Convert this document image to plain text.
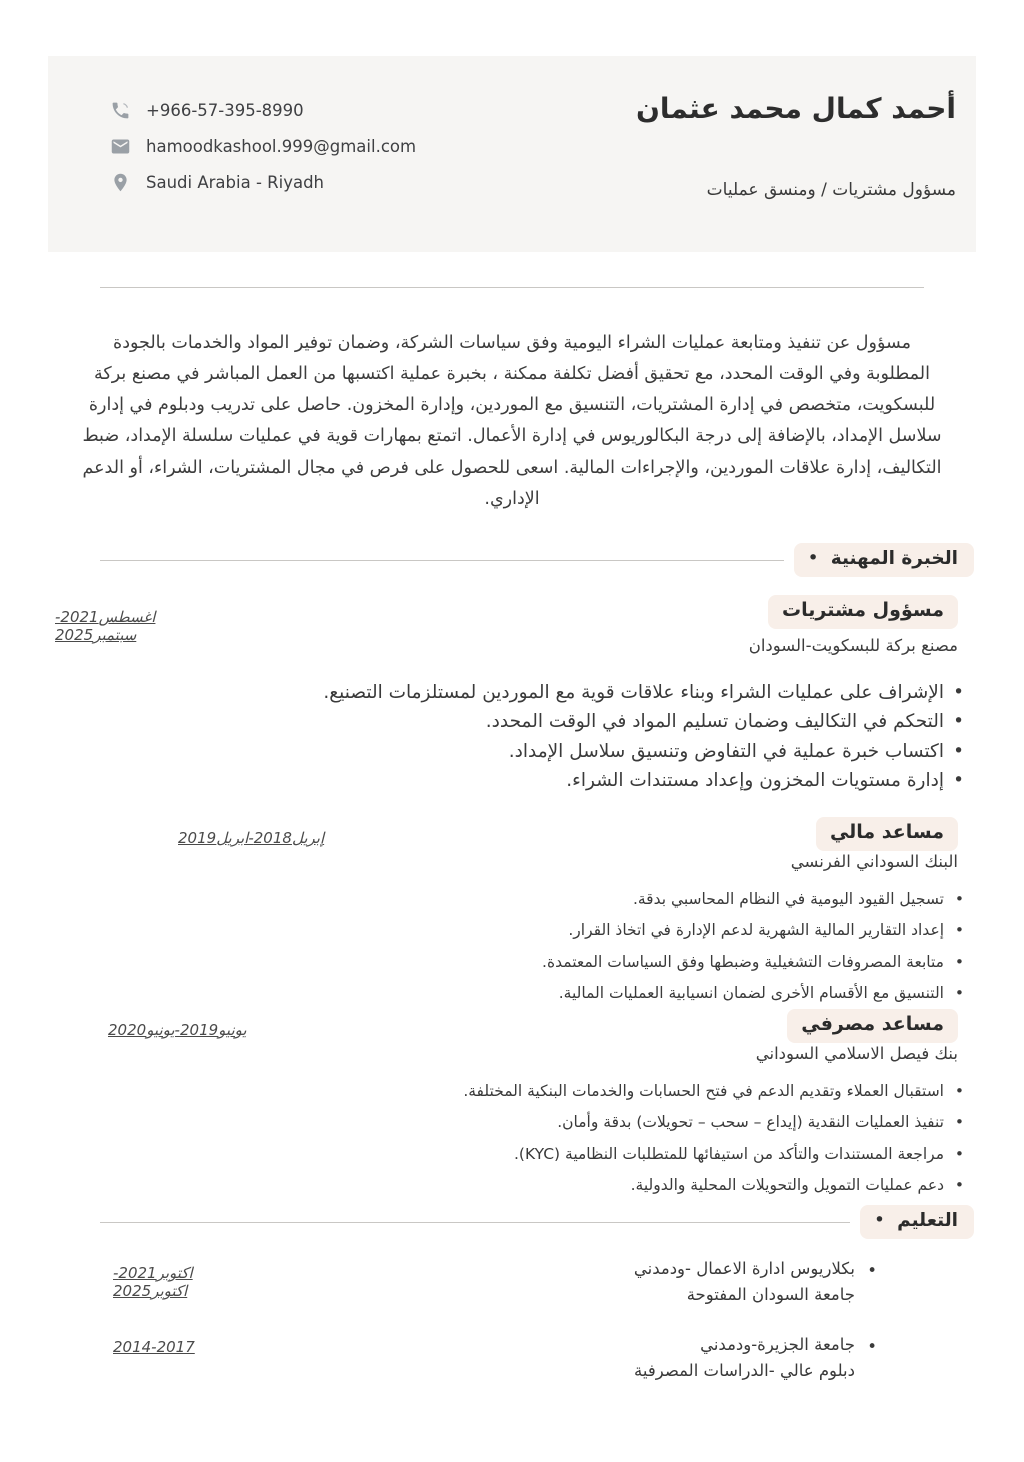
+966-57-395-8990
hamoodkashool.999@gmail.com
Saudi Arabia - Riyadh
أحمد كمال محمد عثمان
مسؤول مشتريات / ومنسق عمليات
مسؤول عن تنفيذ ومتابعة عمليات الشراء اليومية وفق سياسات الشركة، وضمان توفير المواد والخدمات بالجودة المطلوبة وفي الوقت المحدد، مع تحقيق أفضل تكلفة ممكنة ، بخبرة عملية اكتسبها من العمل المباشر في مصنع بركة للبسكويت، متخصص في إدارة المشتريات، التنسيق مع الموردين، وإدارة المخزون. حاصل على تدريب ودبلوم في إدارة سلاسل الإمداد، بالإضافة إلى درجة البكالوريوس في إدارة الأعمال. اتمتع بمهارات قوية في عمليات سلسلة الإمداد، ضبط التكاليف، إدارة علاقات الموردين، والإجراءات المالية. اسعى للحصول على فرص في مجال المشتريات، الشراء، أو الدعم الإداري.
• الخبرة المهنية
مسؤول مشتريات
مصنع بركة للبسكويت-السودان
اغسطس2021-
سبتمبر2025
• الإشراف على عمليات الشراء وبناء علاقات قوية مع الموردين لمستلزمات التصنيع.
• التحكم في التكاليف وضمان تسليم المواد في الوقت المحدد.
• اكتساب خبرة عملية في التفاوض وتنسيق سلاسل الإمداد.
• إدارة مستويات المخزون وإعداد مستندات الشراء.
مساعد مالي
البنك السوداني الفرنسي
إبريل2018-ابريل2019
• تسجيل القيود اليومية في النظام المحاسبي بدقة.
• إعداد التقارير المالية الشهرية لدعم الإدارة في اتخاذ القرار.
• متابعة المصروفات التشغيلية وضبطها وفق السياسات المعتمدة.
• التنسيق مع الأقسام الأخرى لضمان انسيابية العمليات المالية.
مساعد مصرفي
بنك فيصل الاسلامي السوداني
يونيو2019-يونيو2020
• استقبال العملاء وتقديم الدعم في فتح الحسابات والخدمات البنكية المختلفة.
• تنفيذ العمليات النقدية (إيداع – سحب – تحويلات) بدقة وأمان.
• مراجعة المستندات والتأكد من استيفائها للمتطلبات النظامية (KYC).
• دعم عمليات التمويل والتحويلات المحلية والدولية.
• التعليم
• بكلاريوس ادارة الاعمال -ودمدني
جامعة السودان المفتوحة
اكتوبر2021-
اكتوبر2025
• جامعة الجزيرة-ودمدني
دبلوم عالي -الدراسات المصرفية
2014-2017
